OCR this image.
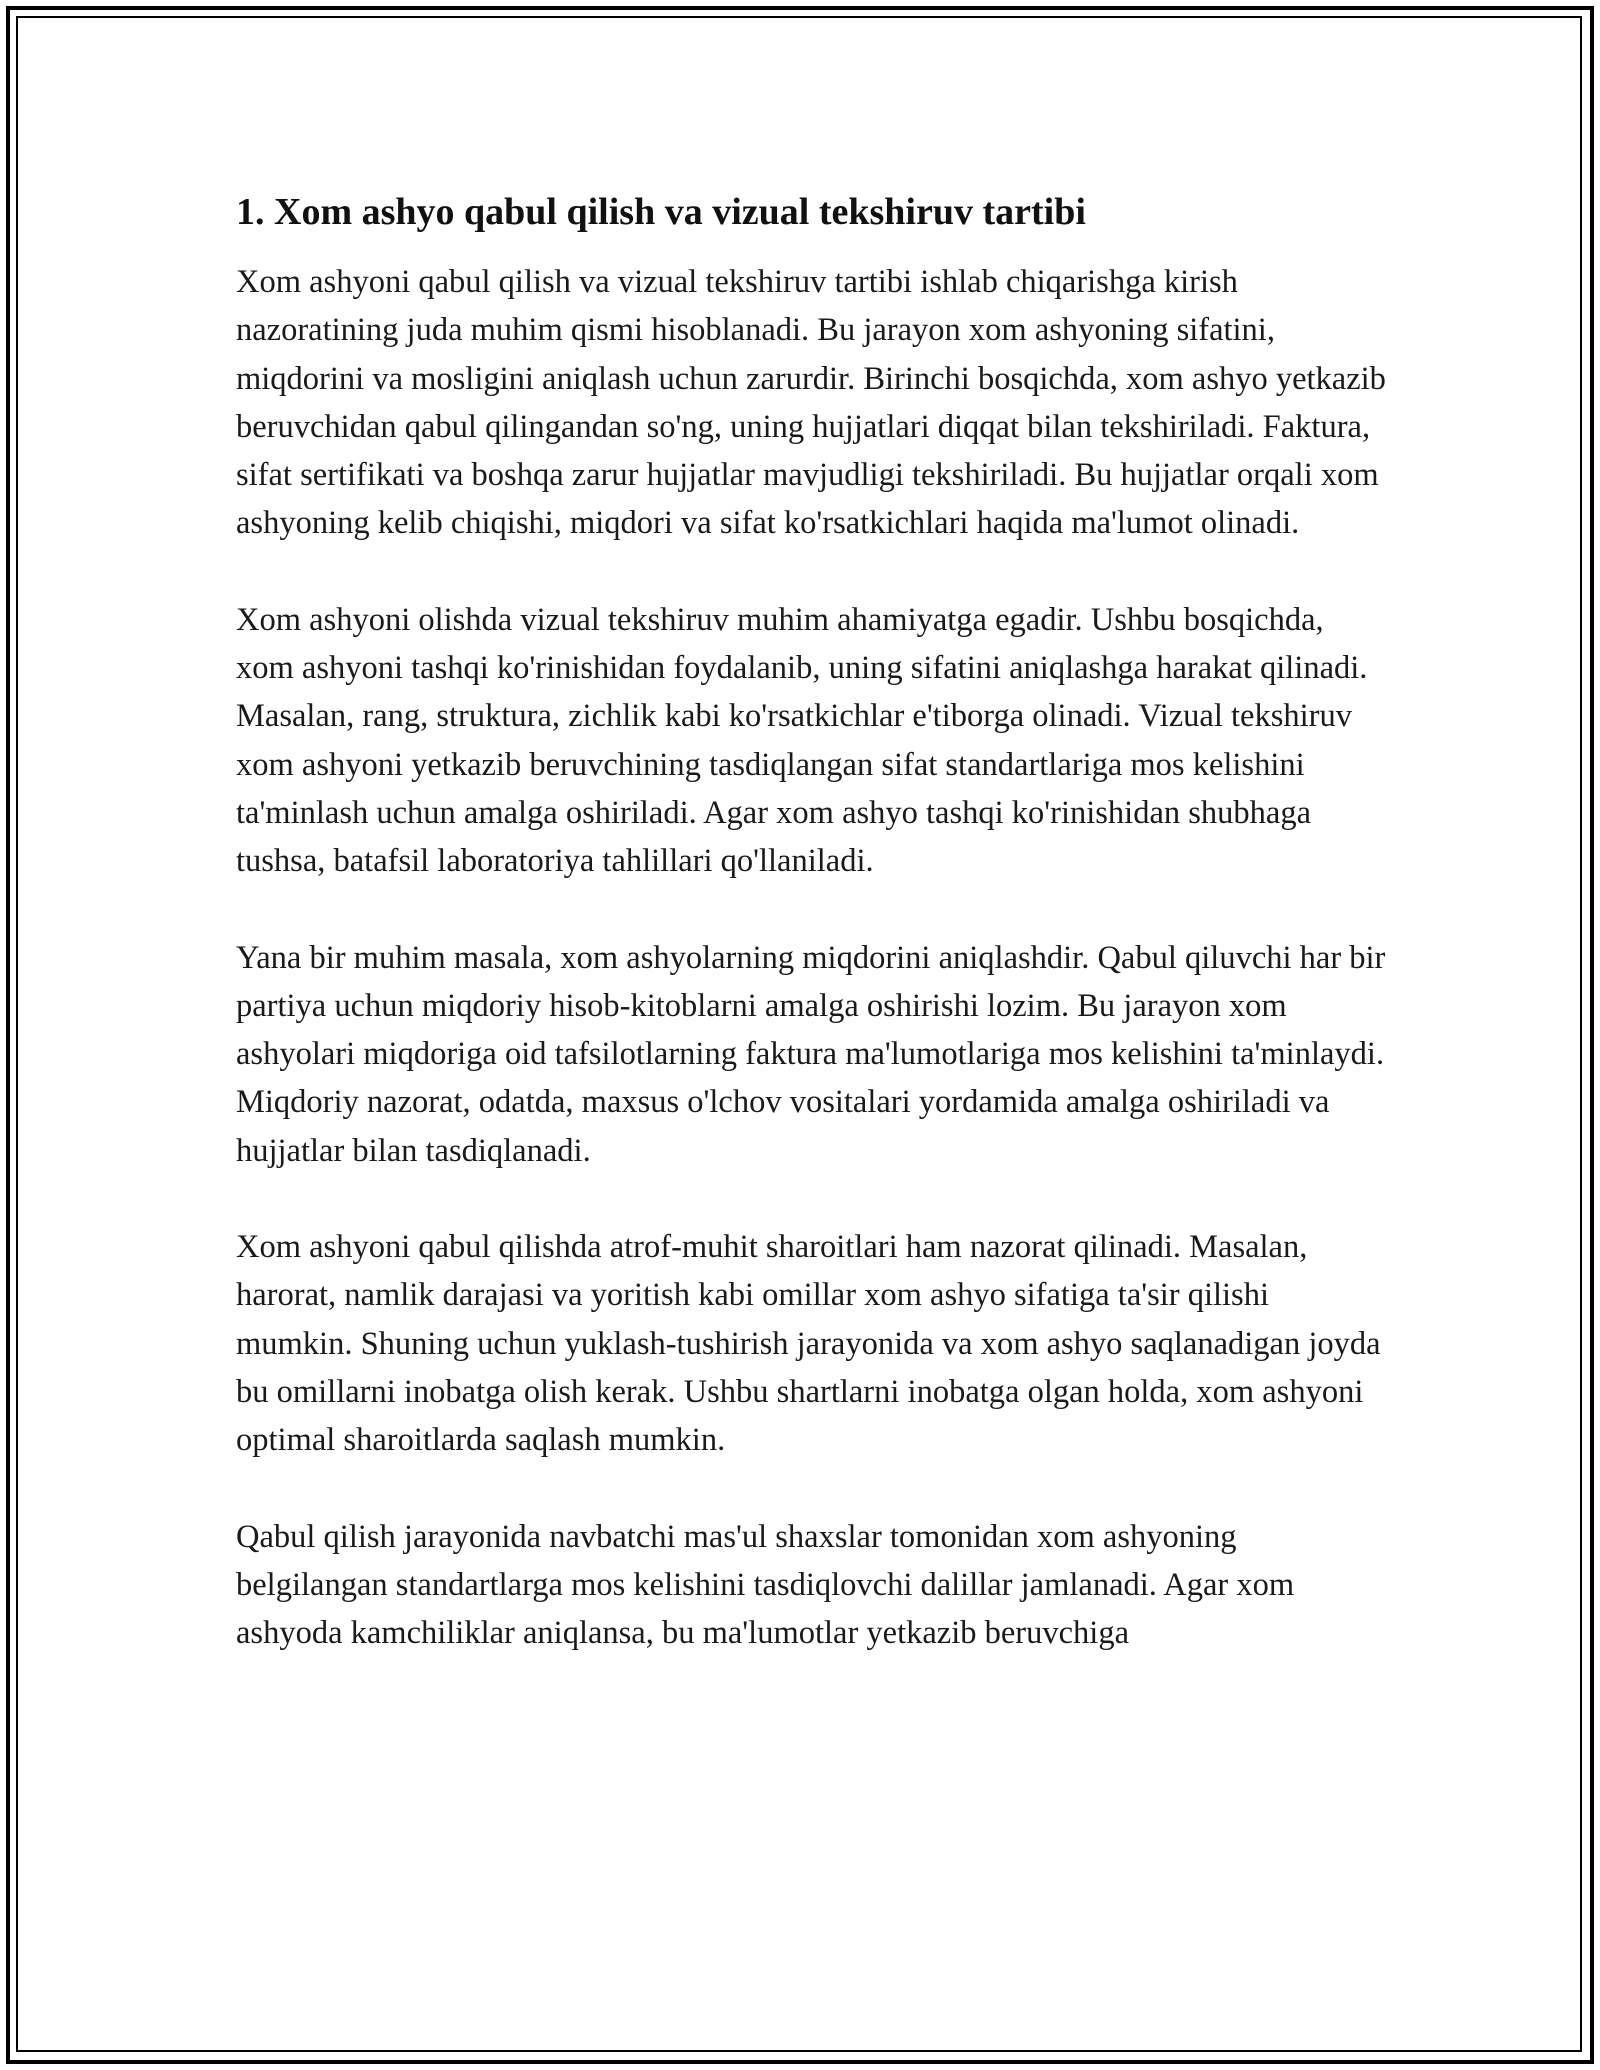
1. Xom ashyo qabul qilish va vizual tekshiruv tartibi

Xom ashyoni qabul qilish va vizual tekshiruv tartibi ishlab chiqarishga kirish nazoratining juda muhim qismi hisoblanadi. Bu jarayon xom ashyoning sifatini, miqdorini va mosligini aniqlash uchun zarurdir. Birinchi bosqichda, xom ashyo yetkazib beruvchidan qabul qilingandan so'ng, uning hujjatlari diqqat bilan tekshiriladi. Faktura, sifat sertifikati va boshqa zarur hujjatlar mavjudligi tekshiriladi. Bu hujjatlar orqali xom ashyoning kelib chiqishi, miqdori va sifat ko'rsatkichlari haqida ma'lumot olinadi.

Xom ashyoni olishda vizual tekshiruv muhim ahamiyatga egadir. Ushbu bosqichda, xom ashyoni tashqi ko'rinishidan foydalanib, uning sifatini aniqlashga harakat qilinadi. Masalan, rang, struktura, zichlik kabi ko'rsatkichlar e'tiborga olinadi. Vizual tekshiruv xom ashyoni yetkazib beruvchining tasdiqlangan sifat standartlariga mos kelishini ta'minlash uchun amalga oshiriladi. Agar xom ashyo tashqi ko'rinishidan shubhaga tushsa, batafsil laboratoriya tahlillari qo'llaniladi.

Yana bir muhim masala, xom ashyolarning miqdorini aniqlashdir. Qabul qiluvchi har bir partiya uchun miqdoriy hisob-kitoblarni amalga oshirishi lozim. Bu jarayon xom ashyolari miqdoriga oid tafsilotlarning faktura ma'lumotlariga mos kelishini ta'minlaydi. Miqdoriy nazorat, odatda, maxsus o'lchov vositalari yordamida amalga oshiriladi va hujjatlar bilan tasdiqlanadi.

Xom ashyoni qabul qilishda atrof-muhit sharoitlari ham nazorat qilinadi. Masalan, harorat, namlik darajasi va yoritish kabi omillar xom ashyo sifatiga ta'sir qilishi mumkin. Shuning uchun yuklash-tushirish jarayonida va xom ashyo saqlanadigan joyda bu omillarni inobatga olish kerak. Ushbu shartlarni inobatga olgan holda, xom ashyoni optimal sharoitlarda saqlash mumkin.

Qabul qilish jarayonida navbatchi mas'ul shaxslar tomonidan xom ashyoning belgilangan standartlarga mos kelishini tasdiqlovchi dalillar jamlanadi. Agar xom ashyoda kamchiliklar aniqlansa, bu ma'lumotlar yetkazib beruvchiga
